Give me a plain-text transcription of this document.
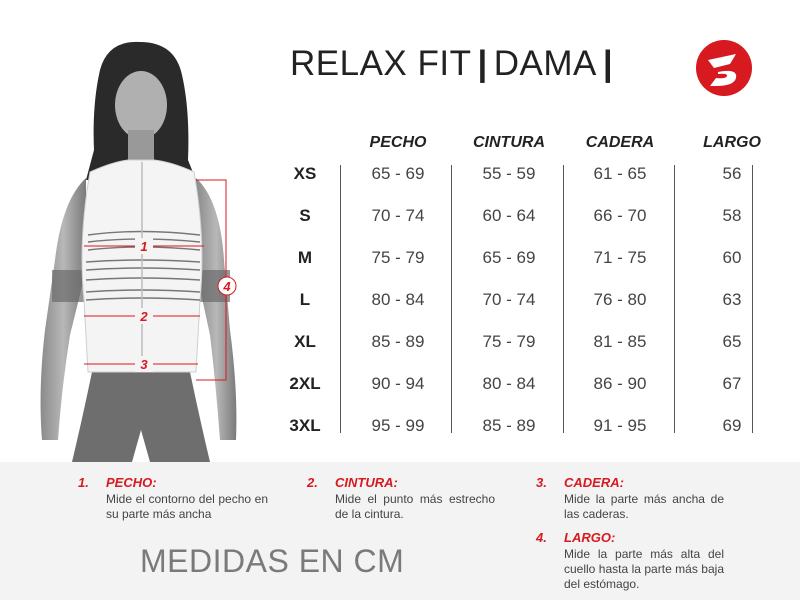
1
2
3
4
RELAX FIT | DAMA |
PECHO	CINTURA	CADERA	LARGO
XS	65 - 69	55 - 59	61 - 65	56
S	70 - 74	60 - 64	66 - 70	58
M	75 - 79	65 - 69	71 - 75	60
L	80 - 84	70 - 74	76 - 80	63
XL	85 - 89	75 - 79	81 - 85	65
2XL	90 - 94	80 - 84	86 - 90	67
3XL	95 - 99	85 - 89	91 - 95	69
1. PECHO:
Mide el contorno del pecho en su parte más ancha
2. CINTURA:
Mide el punto más estrecho de la cintura.
3. CADERA:
Mide la parte más ancha de las caderas.
4. LARGO:
Mide la parte más alta del cuello hasta la parte más baja del estómago.
MEDIDAS EN CM
